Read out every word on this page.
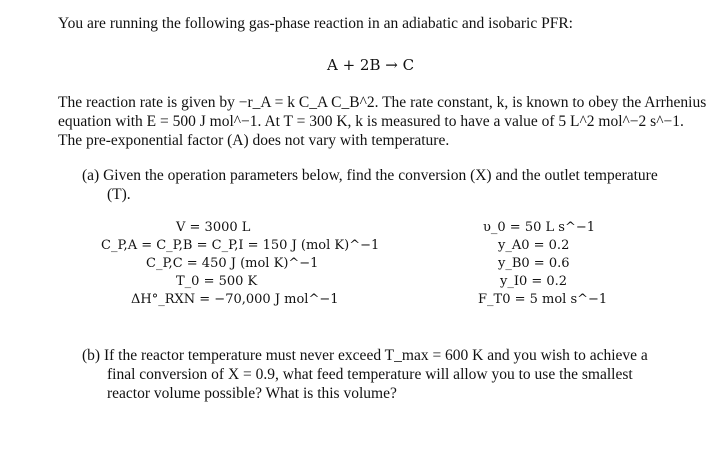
You are running the following gas-phase reaction in an adiabatic and isobaric PFR:
A + 2B → C
The reaction rate is given by −r_A = k C_A C_B^2. The rate constant, k, is known to obey the Arrhenius
equation with E = 500 J mol^−1. At T = 300 K, k is measured to have a value of 5 L^2 mol^−2 s^−1.
The pre-exponential factor (A) does not vary with temperature.
(a) Given the operation parameters below, find the conversion (X) and the outlet temperature
(T).
V = 3000 L
C_P,A = C_P,B = C_P,I = 150 J (mol K)^−1
C_P,C = 450 J (mol K)^−1
T_0 = 500 K
ΔH°_RXN = −70,000 J mol^−1
υ_0 = 50 L s^−1
y_A0 = 0.2
y_B0 = 0.6
y_I0 = 0.2
F_T0 = 5 mol s^−1
(b) If the reactor temperature must never exceed T_max = 600 K and you wish to achieve a
final conversion of X = 0.9, what feed temperature will allow you to use the smallest
reactor volume possible? What is this volume?
